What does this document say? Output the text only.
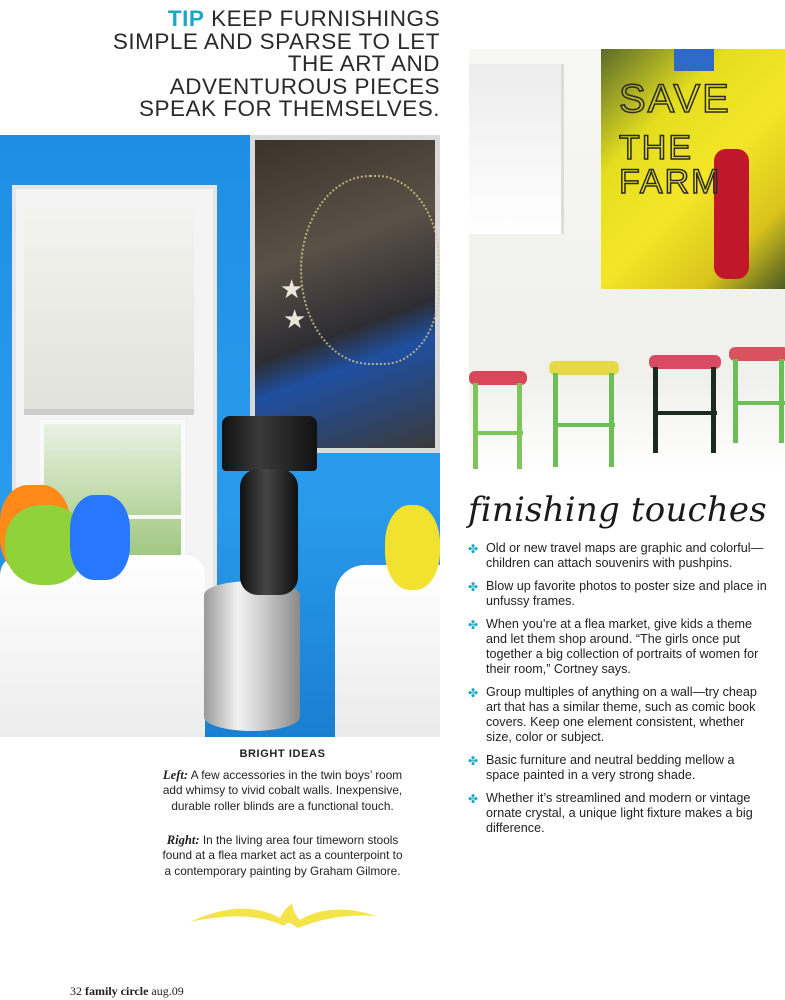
TIP KEEP FURNISHINGS SIMPLE AND SPARSE TO LET THE ART AND ADVENTUROUS PIECES SPEAK FOR THEMSELVES.
★
★
SAVE
THE FARM
finishing touches
✤ Old or new travel maps are graphic and colorful—children can attach souvenirs with pushpins.
✤ Blow up favorite photos to poster size and place in unfussy frames.
✤ When you’re at a flea market, give kids a theme and let them shop around. “The girls once put together a big collection of portraits of women for their room,” Cortney says.
✤ Group multiples of anything on a wall—try cheap art that has a similar theme, such as comic book covers. Keep one element consistent, whether size, color or subject.
✤ Basic furniture and neutral bedding mellow a space painted in a very strong shade.
✤ Whether it’s streamlined and modern or vintage ornate crystal, a unique light fixture makes a big difference.
BRIGHT IDEAS
Left: A few accessories in the twin boys’ room add whimsy to vivid cobalt walls. Inexpensive, durable roller blinds are a functional touch.
Right: In the living area four timeworn stools found at a flea market act as a counterpoint to a contemporary painting by Graham Gilmore.
32 family circle aug.09
